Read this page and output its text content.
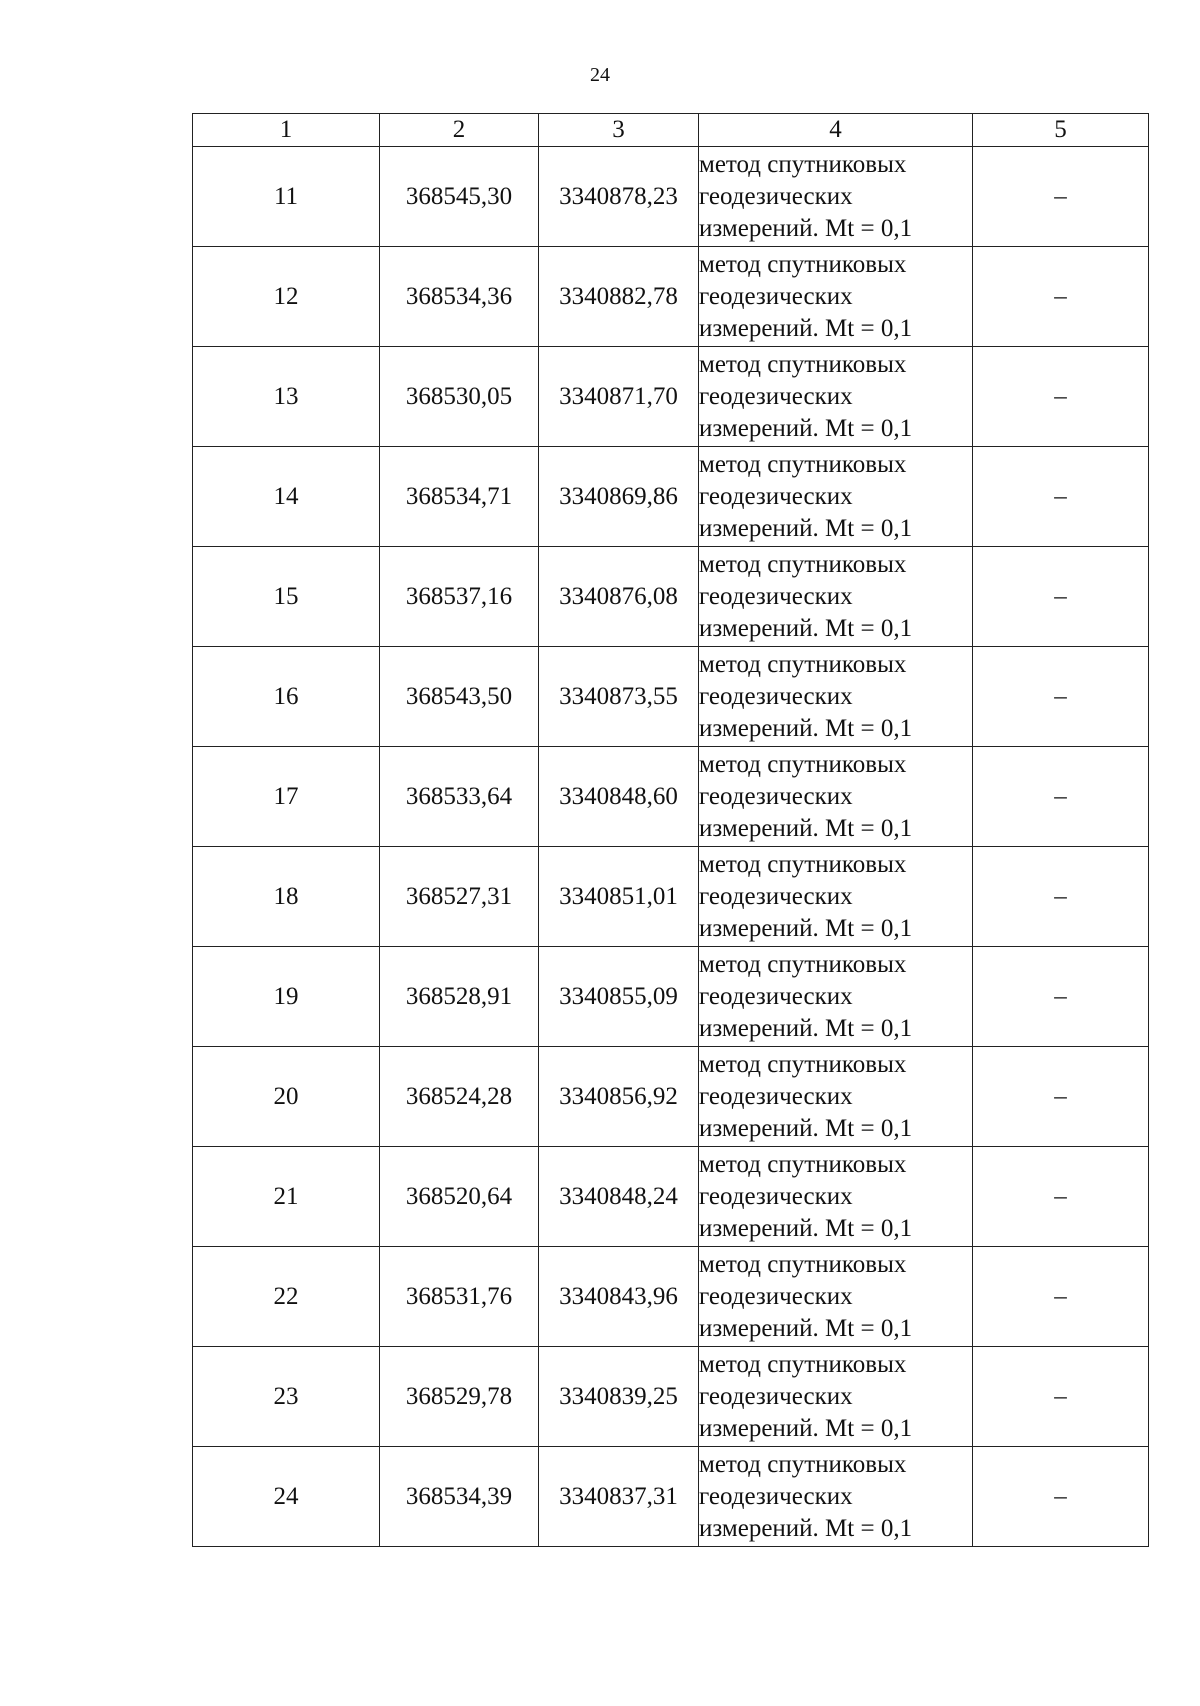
24
1	2	3	4	5
11	368545,30	3340878,23	метод спутниковых
геодезических
измерений. Mt = 0,1	–
12	368534,36	3340882,78	метод спутниковых
геодезических
измерений. Mt = 0,1	–
13	368530,05	3340871,70	метод спутниковых
геодезических
измерений. Mt = 0,1	–
14	368534,71	3340869,86	метод спутниковых
геодезических
измерений. Mt = 0,1	–
15	368537,16	3340876,08	метод спутниковых
геодезических
измерений. Mt = 0,1	–
16	368543,50	3340873,55	метод спутниковых
геодезических
измерений. Mt = 0,1	–
17	368533,64	3340848,60	метод спутниковых
геодезических
измерений. Mt = 0,1	–
18	368527,31	3340851,01	метод спутниковых
геодезических
измерений. Mt = 0,1	–
19	368528,91	3340855,09	метод спутниковых
геодезических
измерений. Mt = 0,1	–
20	368524,28	3340856,92	метод спутниковых
геодезических
измерений. Mt = 0,1	–
21	368520,64	3340848,24	метод спутниковых
геодезических
измерений. Mt = 0,1	–
22	368531,76	3340843,96	метод спутниковых
геодезических
измерений. Mt = 0,1	–
23	368529,78	3340839,25	метод спутниковых
геодезических
измерений. Mt = 0,1	–
24	368534,39	3340837,31	метод спутниковых
геодезических
измерений. Mt = 0,1	–
